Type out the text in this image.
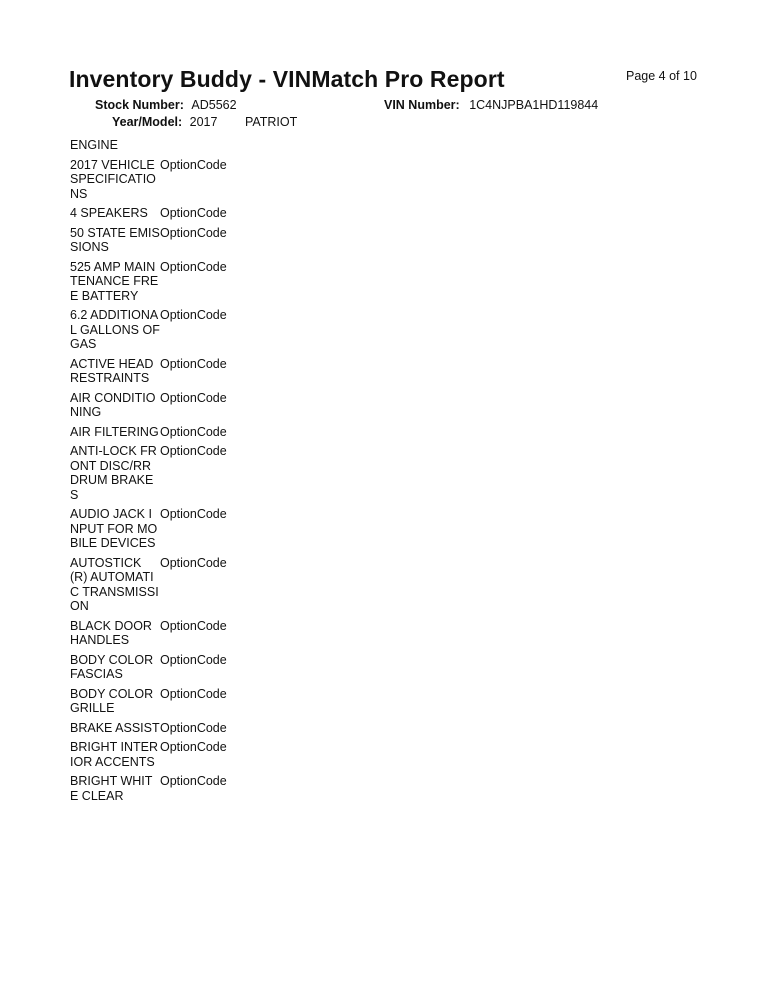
Inventory Buddy - VINMatch Pro Report	Page 4 of 10
Stock Number: AD5562	VIN Number: 1C4NJPBA1HD119844
Year/Model: 2017 PATRIOT
ENGINE
2017 VEHICLE SPECIFICATIONS
OptionCode
4 SPEAKERS OptionCode
50 STATE EMISSIONS
OptionCode
525 AMP MAINTENANCE FREE BATTERY
OptionCode
6.2 ADDITIONAL GALLONS OF GAS
OptionCode
ACTIVE HEAD RESTRAINTS
OptionCode
AIR CONDITIONING
OptionCode
AIR FILTERING OptionCode
ANTI-LOCK FRONT DISC/RR DRUM BRAKES
OptionCode
AUDIO JACK INPUT FOR MOBILE DEVICES
OptionCode
AUTOSTICK (R) AUTOMATIC TRANSMISSION
OptionCode
BLACK DOOR HANDLES
OptionCode
BODY COLOR FASCIAS
OptionCode
BODY COLOR GRILLE
OptionCode
BRAKE ASSIST OptionCode
BRIGHT INTERIOR ACCENTS
OptionCode
BRIGHT WHITE CLEAR
OptionCode
